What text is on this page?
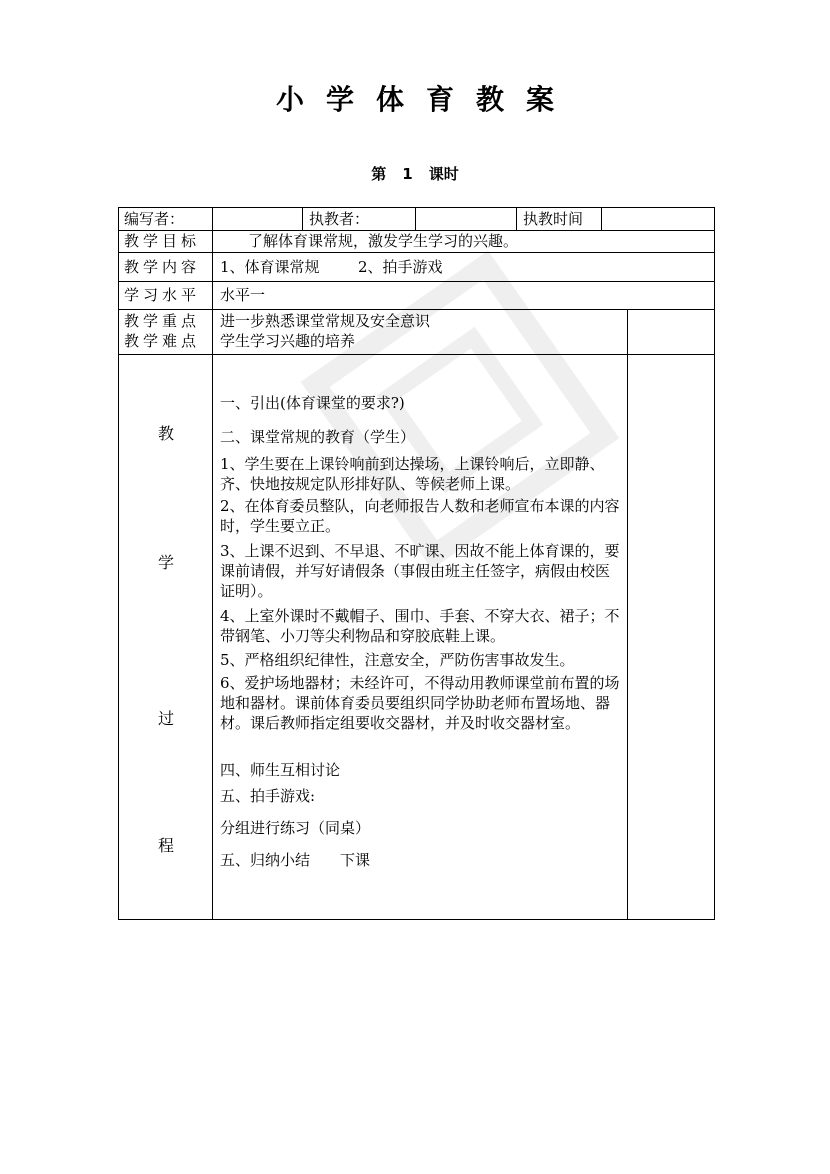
小学体育教案
第 1 课时
编写者：	执教者：	执教时间
教学目标	了解体育课常规，激发学生学习的兴趣。
教学内容 1、体育课常规	2、拍手游戏
学习水平 水平一
教学重点 进一步熟悉课堂常规及安全意识
教学难点 学生学习兴趣的培养
教
学
过
程
一、引出(体育课堂的要求?)
二、课堂常规的教育（学生）
1、学生要在上课铃响前到达操场，上课铃响后，立即静、齐、快地按规定队形排好队、等候老师上课。
2、在体育委员整队，向老师报告人数和老师宣布本课的内容时，学生要立正。
3、上课不迟到、不早退、不旷课、因故不能上体育课的，要课前请假，并写好请假条（事假由班主任签字，病假由校医证明）。
4、上室外课时不戴帽子、围巾、手套、不穿大衣、裙子；不带钢笔、小刀等尖利物品和穿胶底鞋上课。
5、严格组织纪律性，注意安全，严防伤害事故发生。
6、爱护场地器材；未经许可，不得动用教师课堂前布置的场地和器材。课前体育委员要组织同学协助老师布置场地、器材。课后教师指定组要收交器材，并及时收交器材室。
四、师生互相讨论
五、拍手游戏:
分组进行练习（同桌）
五、归纳小结　　下课
